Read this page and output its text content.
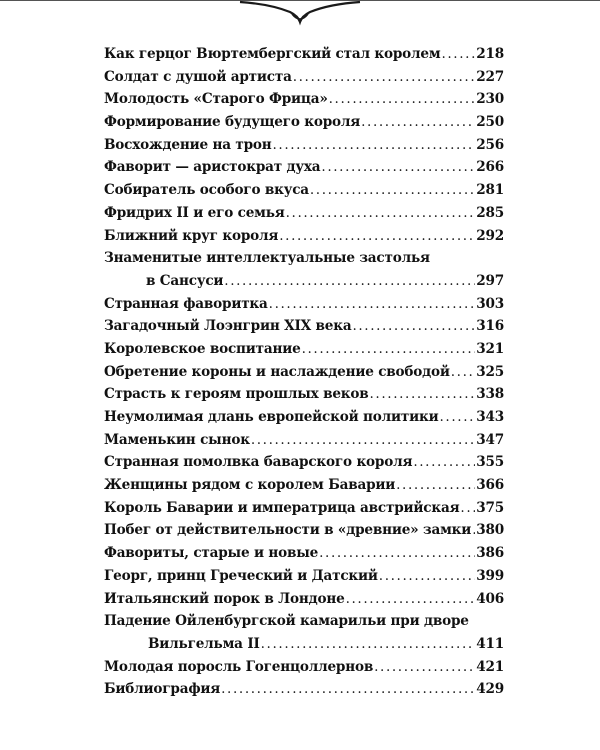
Как герцог Вюртембергский стал королем .....	218
Солдат с душой артиста .....	227
Молодость «Старого Фрица» .....	230
Формирование будущего короля .....	250
Восхождение на трон .....	256
Фаворит — аристократ духа .....	266
Собиратель особого вкуса .....	281
Фридрих II и его семья .....	285
Ближний круг короля .....	292
Знаменитые интеллектуальные застолья
в Сансуси .....	297
Странная фаворитка .....	303
Загадочный Лоэнгрин XIX века .....	316
Королевское воспитание .....	321
Обретение короны и наслаждение свободой ..... 325
Страсть к героям прошлых веков .....	338
Неумолимая длань европейской политики .....	343
Маменькин сынок .....	347
Странная помолвка баварского короля .....	355
Женщины рядом с королем Баварии .....	366
Король Баварии и императрица австрийская ..... 375
Побег от действительности в «древние» замки ..... 380
Фавориты, старые и новые .....	386
Георг, принц Греческий и Датский .....	399
Итальянский порок в Лондоне .....	406
Падение Ойленбургской камарильи при дворе
Вильгельма II .....	411
Молодая поросль Гогенцоллернов .....	421
Библиография .....	429
